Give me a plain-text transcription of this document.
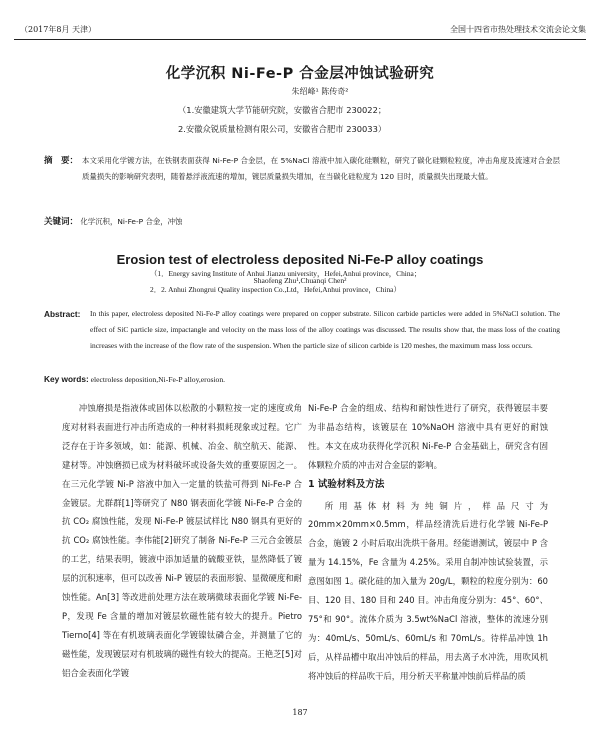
（2017年8月 天津）	全国十四省市热处理技术交流会论文集
化学沉积 Ni-Fe-P 合金层冲蚀试验研究
朱绍峰¹ 陈传奇²
（1.安徽建筑大学节能研究院，安徽省合肥市 230022；
2.安徽众锐质量检测有限公司，安徽省合肥市 230033）
摘　要： 本文采用化学镀方法，在铁钢表面获得 Ni-Fe-P 合金层，在 5%NaCl 溶液中加入碳化硅颗粒，研究了碳化硅颗粒粒度，冲击角度及流速对合金层质量损失的影响研究表明，随着悬浮液流速的增加，镀层质量损失增加，在当碳化硅粒度为 120 目时，质量损失出现最大值。
关键词： 化学沉积，Ni-Fe-P 合金，冲蚀
Erosion test of electroless deposited Ni-Fe-P alloy coatings
Shaofeng Zhu¹,Chuanqi Chen²
（1．Energy saving Institute of Anhui Jianzu university，Hefei,Anhui province，China；
2．2. Anhui Zhongrui Quality inspection Co.,Ltd，Hefei,Anhui province，China）
Abstract: In this paper, electroless deposited Ni-Fe-P alloy coatings were prepared on copper substrate. Silicon carbide particles were added in 5%NaCl solution. The effect of SiC particle size, impactangle and velocity on the mass loss of the alloy coatings was discussed. The results show that, the mass loss of the coating increases with the increase of the flow rate of the suspension. When the particle size of silicon carbide is 120 meshes, the maximum mass loss occurs.
Key words: electroless deposition,Ni-Fe-P alloy,erosion.

冲蚀磨损是指液体或固体以松散的小颗粒按一定的速度或角度对材料表面进行冲击所造成的一种材料损耗现象或过程。它广泛存在于许多领域，如：能源、机械、冶金、航空航天、能源、建材等。冲蚀磨损已成为材料破坏或设备失效的重要原因之一。在三元化学镀 Ni-P 溶液中加入一定量的铁盐可得到 Ni-Fe-P 合金镀层。尤群群[1]等研究了 N80 钢表面化学镀 Ni-Fe-P 合金的抗 CO₂ 腐蚀性能，发现 Ni-Fe-P 镀层试样比 N80 钢具有更好的抗 CO₂ 腐蚀性能。李伟能[2]研究了制备 Ni-Fe-P 三元合金镀层的工艺，结果表明，镀液中添加适量的硫酸亚铁，显然降低了镀层的沉积速率，但可以改善 Ni-P 镀层的表面形貌、显微硬度和耐蚀性能。An[3] 等改进前处理方法在玻璃微球表面化学镀 Ni-Fe-P，发现 Fe 含量的增加对镀层软磁性能有较大的提升。Pietro Tierno[4] 等在有机玻璃表面化学镀镍钛磷合金，并测量了它的磁性能，发现镀层对有机玻璃的磁性有较大的提高。王艳芝[5]对铝合金表面化学镀

Ni-Fe-P 合金的组成、结构和耐蚀性进行了研究，获得镀层丰要为非晶态结构，该镀层在 10%NaOH 溶液中具有更好的耐蚀性。本文在成功获得化学沉积 Ni-Fe-P 合金基础上，研究含有固体颗粒介质的冲击对合金层的影响。

1 试验材料及方法

所用基体材料为纯铜片，样品尺寸为 20mm×20mm×0.5mm，样品经清洗后进行化学镀 Ni-Fe-P 合金，施镀 2 小时后取出洗烘干备用。经能谱测试，镀层中 P 含量为 14.15%，Fe 含量为 4.25%。采用自制冲蚀试验装置，示意图如图 1。碳化硅的加入量为 20g/L，颗粒的粒度分别为：60 目、120 目、180 目和 240 目。冲击角度分别为：45°、60°、75°和 90°。流体介质为 3.5wt%NaCl 溶液，整体的流速分别为：40mL/s、50mL/s、60mL/s 和 70mL/s。待样品冲蚀 1h 后，从样品槽中取出冲蚀后的样品，用去离子水冲洗，用吹风机将冲蚀后的样品吹干后，用分析天平称量冲蚀前后样品的质

187
